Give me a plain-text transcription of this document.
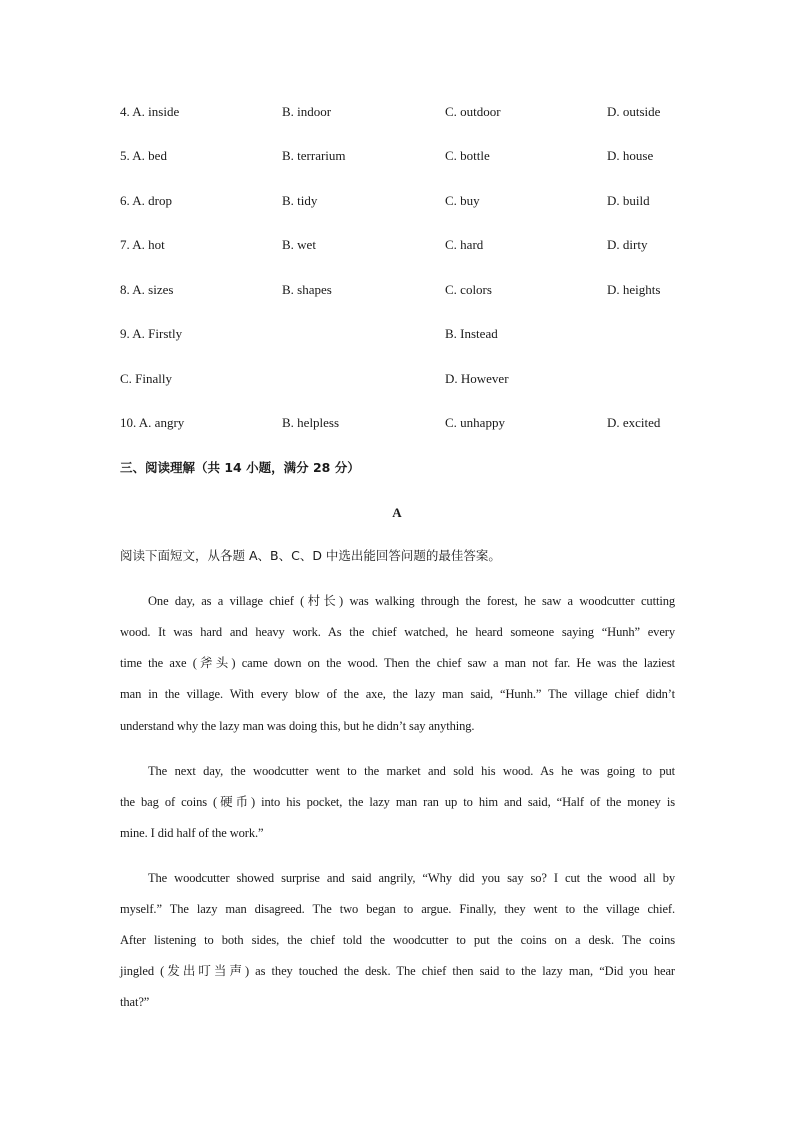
4. A. inside	B. indoor	C. outdoor	D. outside
5. A. bed	B. terrarium	C. bottle	D. house
6. A. drop	B. tidy	C. buy	D. build
7. A. hot	B. wet	C. hard	D. dirty
8. A. sizes	B. shapes	C. colors	D. heights
9. A. Firstly	B. Instead
C. Finally	D. However
10. A. angry	B. helpless	C. unhappy	D. excited
三、阅读理解（共 14 小题，满分 28 分）
A
阅读下面短文，从各题 A、B、C、D 中选出能回答问题的最佳答案。
One day, as a village chief (村长) was walking through the forest, he saw a woodcutter cutting
wood. It was hard and heavy work. As the chief watched, he heard someone saying “Hunh” every
time the axe (斧头) came down on the wood. Then the chief saw a man not far. He was the laziest
man in the village. With every blow of the axe, the lazy man said, “Hunh.” The village chief didn’t
understand why the lazy man was doing this, but he didn’t say anything.
The next day, the woodcutter went to the market and sold his wood. As he was going to put
the bag of coins (硬币) into his pocket, the lazy man ran up to him and said, “Half of the money is
mine. I did half of the work.”
The woodcutter showed surprise and said angrily, “Why did you say so? I cut the wood all by
myself.” The lazy man disagreed. The two began to argue. Finally, they went to the village chief.
After listening to both sides, the chief told the woodcutter to put the coins on a desk. The coins
jingled (发出叮当声) as they touched the desk. The chief then said to the lazy man, “Did you hear
that?”
